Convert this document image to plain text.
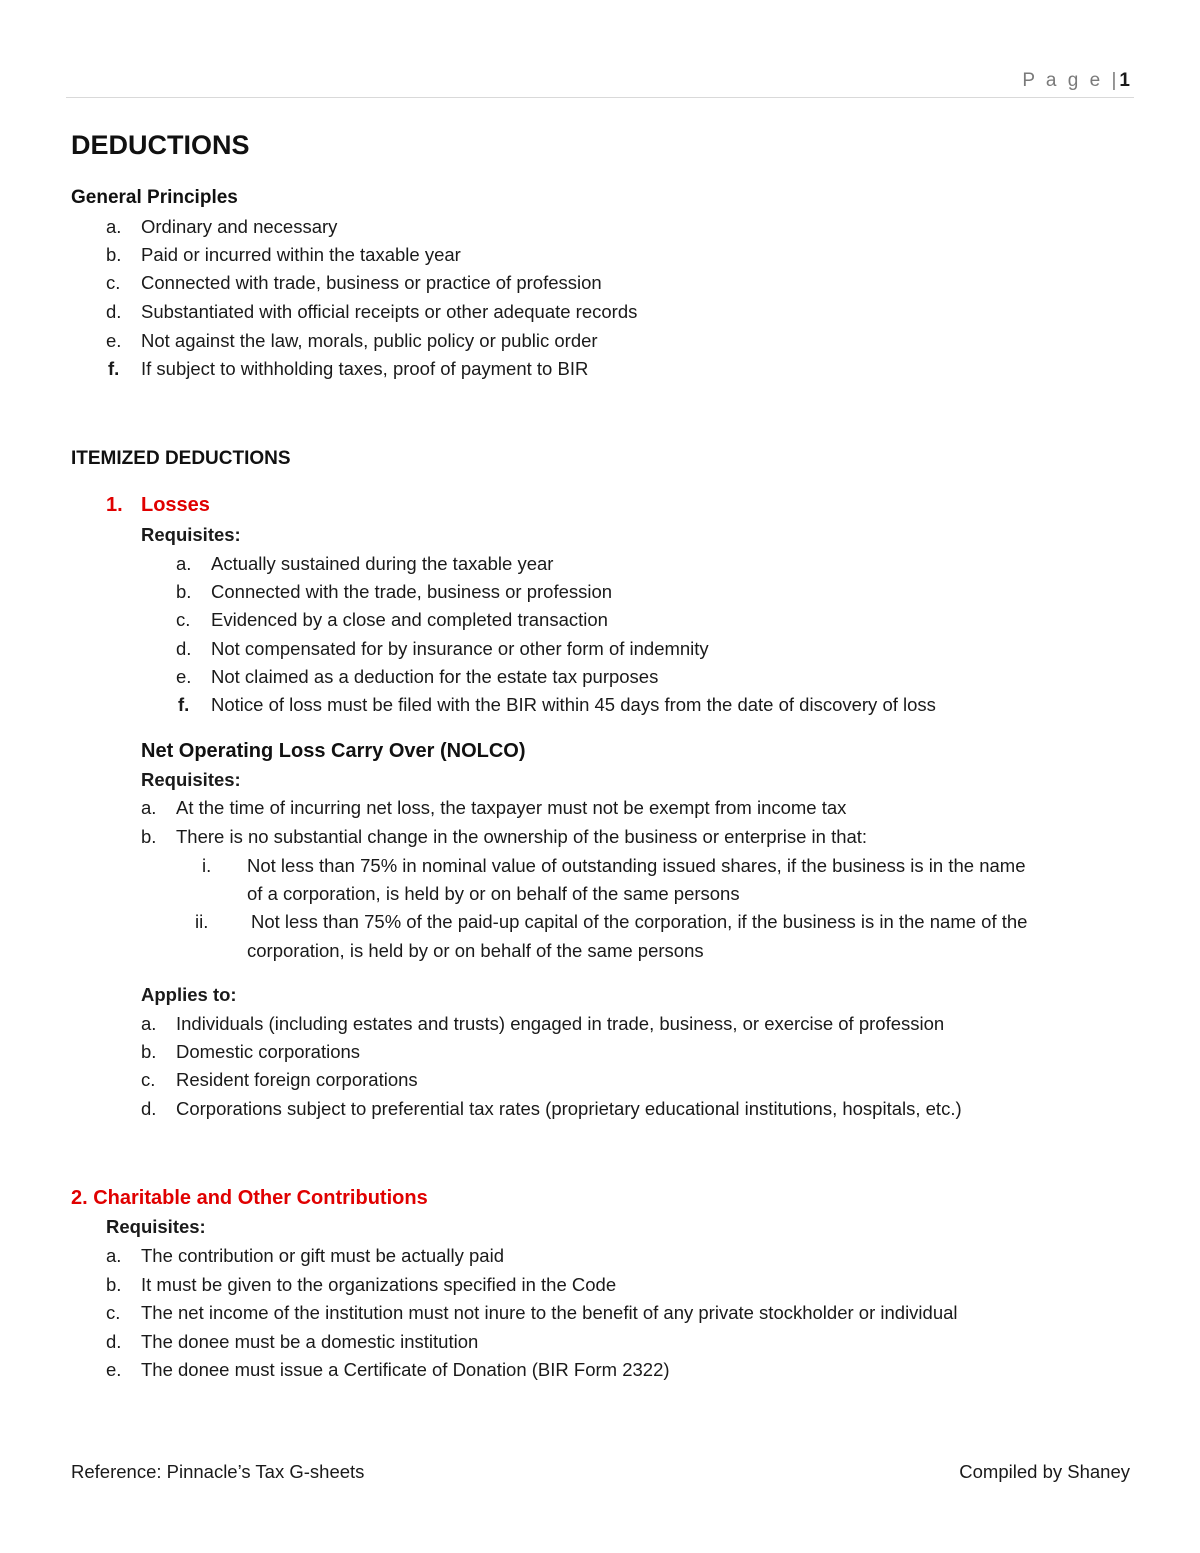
P a g e |1
DEDUCTIONS
General Principles
a. Ordinary and necessary
b. Paid or incurred within the taxable year
c. Connected with trade, business or practice of profession
d. Substantiated with official receipts or other adequate records
e. Not against the law, morals, public policy or public order
f. If subject to withholding taxes, proof of payment to BIR
ITEMIZED DEDUCTIONS
1. Losses
Requisites:
a. Actually sustained during the taxable year
b. Connected with the trade, business or profession
c. Evidenced by a close and completed transaction
d. Not compensated for by insurance or other form of indemnity
e. Not claimed as a deduction for the estate tax purposes
f. Notice of loss must be filed with the BIR within 45 days from the date of discovery of loss
Net Operating Loss Carry Over (NOLCO)
Requisites:
a. At the time of incurring net loss, the taxpayer must not be exempt from income tax
b. There is no substantial change in the ownership of the business or enterprise in that:
i. Not less than 75% in nominal value of outstanding issued shares, if the business is in the name
of a corporation, is held by or on behalf of the same persons
ii. Not less than 75% of the paid-up capital of the corporation, if the business is in the name of the
corporation, is held by or on behalf of the same persons
Applies to:
a. Individuals (including estates and trusts) engaged in trade, business, or exercise of profession
b. Domestic corporations
c. Resident foreign corporations
d. Corporations subject to preferential tax rates (proprietary educational institutions, hospitals, etc.)
2. Charitable and Other Contributions
Requisites:
a. The contribution or gift must be actually paid
b. It must be given to the organizations specified in the Code
c. The net income of the institution must not inure to the benefit of any private stockholder or individual
d. The donee must be a domestic institution
e. The donee must issue a Certificate of Donation (BIR Form 2322)
Reference: Pinnacle’s Tax G-sheets	Compiled by Shaney
